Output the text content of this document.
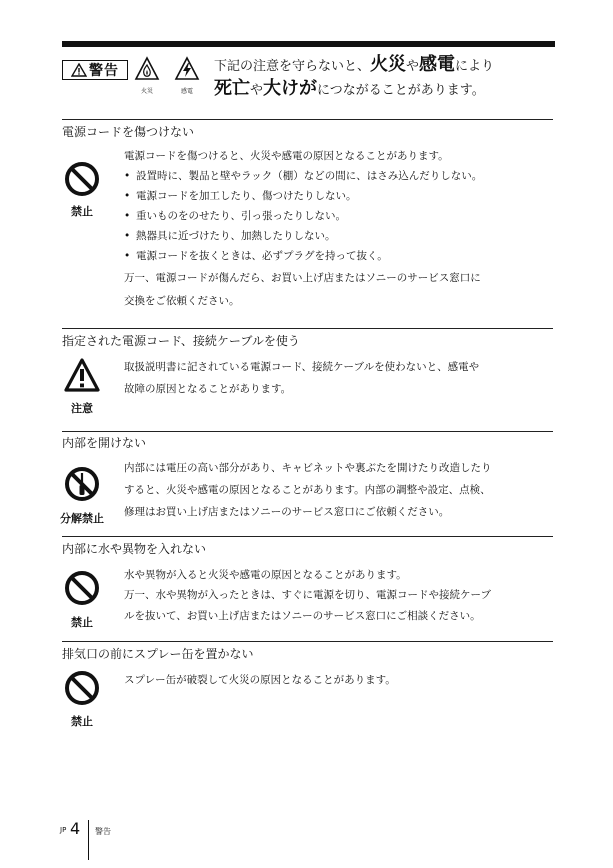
警告
火災	感電
下記の注意を守らないと、火災や感電により
死亡や大けがにつながることがあります。
電源コードを傷つけない
禁止
電源コードを傷つけると、火災や感電の原因となることがあります。
• 設置時に、製品と壁やラック（棚）などの間に、はさみ込んだりしない。
• 電源コードを加工したり、傷つけたりしない。
• 重いものをのせたり、引っ張ったりしない。
• 熱器具に近づけたり、加熱したりしない。
• 電源コードを抜くときは、必ずプラグを持って抜く。
万一、電源コードが傷んだら、お買い上げ店またはソニーのサービス窓口に
交換をご依頼ください。
指定された電源コード、接続ケーブルを使う
注意
取扱説明書に記されている電源コード、接続ケーブルを使わないと、感電や
故障の原因となることがあります。
内部を開けない
分解禁止
内部には電圧の高い部分があり、キャビネットや裏ぶたを開けたり改造したり
すると、火災や感電の原因となることがあります。内部の調整や設定、点検、
修理はお買い上げ店またはソニーのサービス窓口にご依頼ください。
内部に水や異物を入れない
禁止
水や異物が入ると火災や感電の原因となることがあります。
万一、水や異物が入ったときは、すぐに電源を切り、電源コードや接続ケーブ
ルを抜いて、お買い上げ店またはソニーのサービス窓口にご相談ください。
排気口の前にスプレー缶を置かない
禁止
スプレー缶が破裂して火災の原因となることがあります。
JP 4 警告
